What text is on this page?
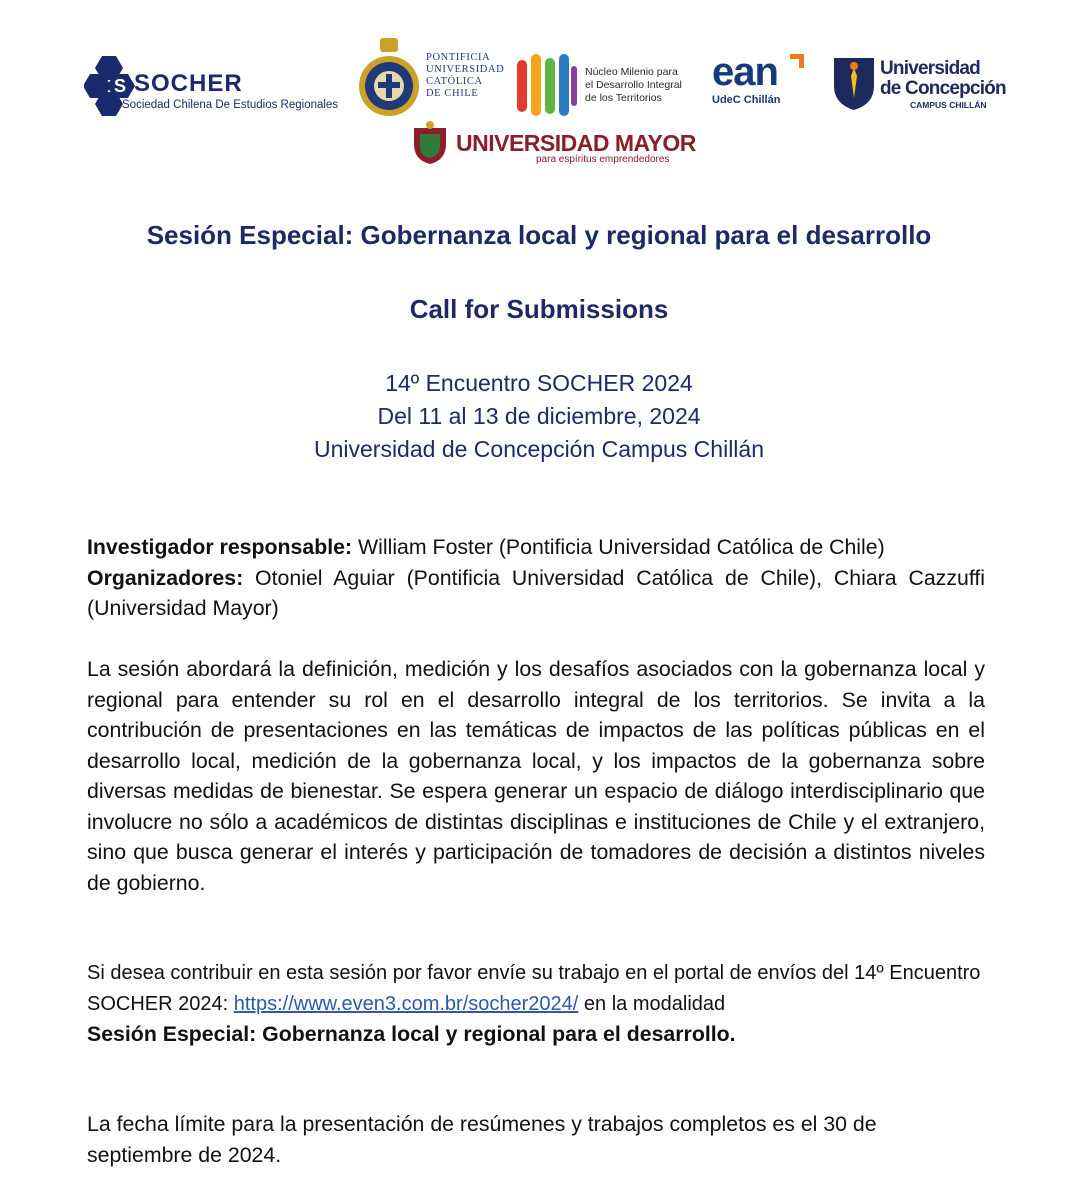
S SOCHER
Sociedad Chilena De Estudios Regionales
PONTIFICIA
UNIVERSIDAD
CATÓLICA
DE CHILE
Núcleo Milenio para
el Desarrollo Integral
de los Territorios
ean
UdeC Chillán
Universidad
de Concepción
CAMPUS CHILLÁN
UNIVERSIDAD MAYOR
para espíritus emprendedores
Sesión Especial: Gobernanza local y regional para el desarrollo
Call for Submissions
14º Encuentro SOCHER 2024
Del 11 al 13 de diciembre, 2024
Universidad de Concepción Campus Chillán

Investigador responsable: William Foster (Pontificia Universidad Católica de Chile)

Organizadores: Otoniel Aguiar (Pontificia Universidad Católica de Chile), Chiara Cazzuffi (Universidad Mayor)

La sesión abordará la definición, medición y los desafíos asociados con la gobernanza local y regional para entender su rol en el desarrollo integral de los territorios. Se invita a la contribución de presentaciones en las temáticas de impactos de las políticas públicas en el desarrollo local, medición de la gobernanza local, y los impactos de la gobernanza sobre diversas medidas de bienestar. Se espera generar un espacio de diálogo interdisciplinario que involucre no sólo a académicos de distintas disciplinas e instituciones de Chile y el extranjero, sino que busca generar el interés y participación de tomadores de decisión a distintos niveles de gobierno.

Si desea contribuir en esta sesión por favor envíe su trabajo en el portal de envíos del 14º Encuentro SOCHER 2024: https://www.even3.com.br/socher2024/ en la modalidad
Sesión Especial: Gobernanza local y regional para el desarrollo.
La fecha límite para la presentación de resúmenes y trabajos completos es el 30 de septiembre de 2024.
